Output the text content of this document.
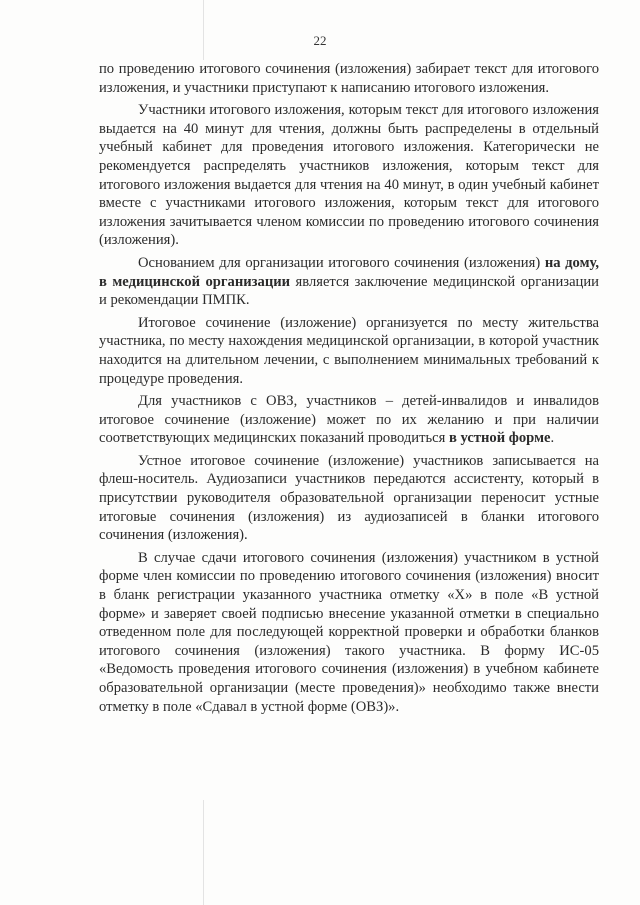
22

по проведению итогового сочинения (изложения) забирает текст для итогового изложения, и участники приступают к написанию итогового изложения.

Участники итогового изложения, которым текст для итогового изложения выдается на 40 минут для чтения, должны быть распределены в отдельный учебный кабинет для проведения итогового изложения. Категорически не рекомендуется распределять участников изложения, которым текст для итогового изложения выдается для чтения на 40 минут, в один учебный кабинет вместе с участниками итогового изложения, которым текст для итогового изложения зачитывается членом комиссии по проведению итогового сочинения (изложения).

Основанием для организации итогового сочинения (изложения) на дому, в медицинской организации является заключение медицинской организации и рекомендации ПМПК.

Итоговое сочинение (изложение) организуется по месту жительства участника, по месту нахождения медицинской организации, в которой участник находится на длительном лечении, с выполнением минимальных требований к процедуре проведения.

Для участников с ОВЗ, участников – детей-инвалидов и инвалидов итоговое сочинение (изложение) может по их желанию и при наличии соответствующих медицинских показаний проводиться в устной форме.

Устное итоговое сочинение (изложение) участников записывается на флеш-носитель. Аудиозаписи участников передаются ассистенту, который в присутствии руководителя образовательной организации переносит устные итоговые сочинения (изложения) из аудиозаписей в бланки итогового сочинения (изложения).

В случае сдачи итогового сочинения (изложения) участником в устной форме член комиссии по проведению итогового сочинения (изложения) вносит в бланк регистрации указанного участника отметку «Х» в поле «В устной форме» и заверяет своей подписью внесение указанной отметки в специально отведенном поле для последующей корректной проверки и обработки бланков итогового сочинения (изложения) такого участника. В форму ИС-05 «Ведомость проведения итогового сочинения (изложения) в учебном кабинете образовательной организации (месте проведения)» необходимо также внести отметку в поле «Сдавал в устной форме (ОВЗ)».
